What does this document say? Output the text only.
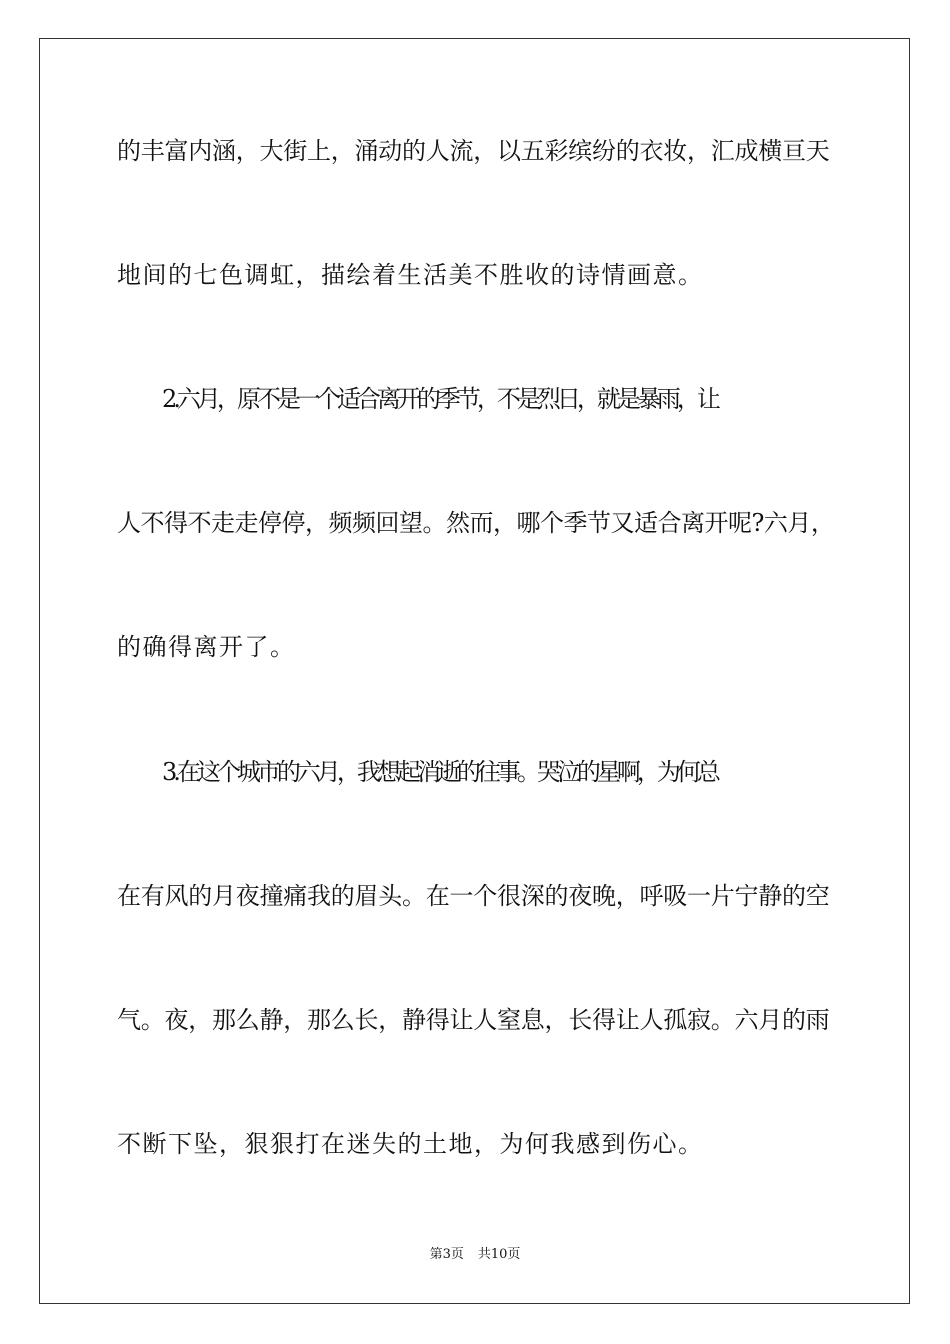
的丰富内涵，大街上，涌动的人流，以五彩缤纷的衣妆，汇成横亘天
地间的七色调虹，描绘着生活美不胜收的诗情画意。
2.六月，原不是一个适合离开的季节，不是烈日，就是暴雨，让
人不得不走走停停，频频回望。然而，哪个季节又适合离开呢?六月，
的确得离开了。
3.在这个城市的六月，我想起消逝的往事。哭泣的星啊，为何总
在有风的月夜撞痛我的眉头。在一个很深的夜晚，呼吸一片宁静的空
气。夜，那么静，那么长，静得让人窒息，长得让人孤寂。六月的雨
不断下坠，狠狠打在迷失的土地，为何我感到伤心。
第3页 共10页
